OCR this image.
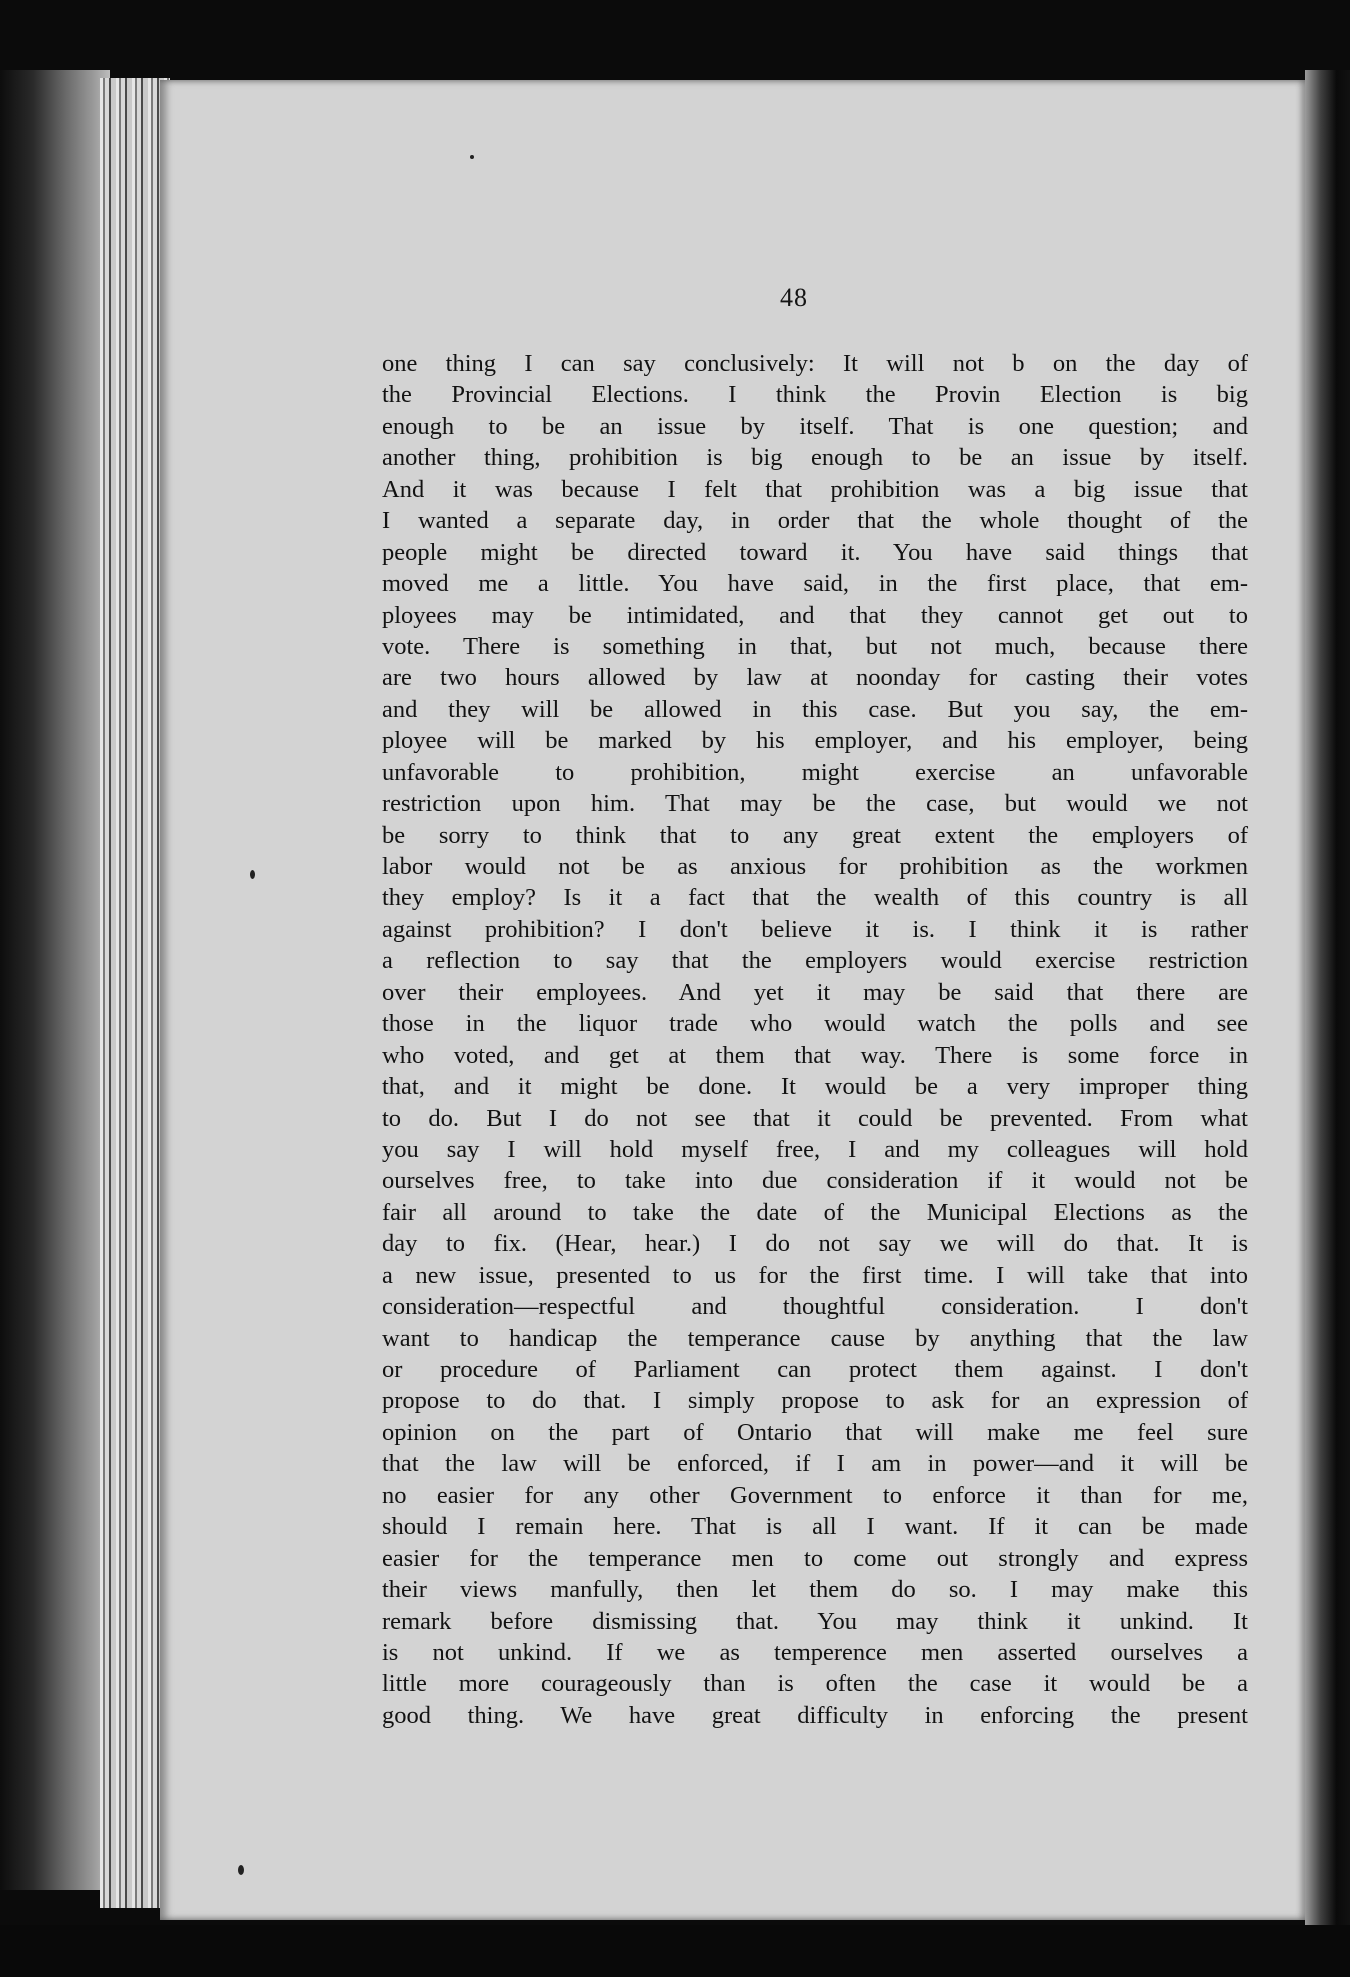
48
one thing I can say conclusively: It will not b on the day of
the Provincial Elections. I think the Provin Election is big
enough to be an issue by itself. That is one question; and
another thing, prohibition is big enough to be an issue by itself.
And it was because I felt that prohibition was a big issue that
I wanted a separate day, in order that the whole thought of the
people might be directed toward it. You have said things that
moved me a little. You have said, in the first place, that em-
ployees may be intimidated, and that they cannot get out to
vote. There is something in that, but not much, because there
are two hours allowed by law at noonday for casting their votes
and they will be allowed in this case. But you say, the em-
ployee will be marked by his employer, and his employer, being
unfavorable to prohibition, might exercise an unfavorable
restriction upon him. That may be the case, but would we not
be sorry to think that to any great extent the employers of
labor would not be as anxious for prohibition as the workmen
they employ? Is it a fact that the wealth of this country is all
against prohibition? I don't believe it is. I think it is rather
a reflection to say that the employers would exercise restriction
over their employees. And yet it may be said that there are
those in the liquor trade who would watch the polls and see
who voted, and get at them that way. There is some force in
that, and it might be done. It would be a very improper thing
to do. But I do not see that it could be prevented. From what
you say I will hold myself free, I and my colleagues will hold
ourselves free, to take into due consideration if it would not be
fair all around to take the date of the Municipal Elections as the
day to fix. (Hear, hear.) I do not say we will do that. It is
a new issue, presented to us for the first time. I will take that into
consideration—respectful and thoughtful consideration. I don't
want to handicap the temperance cause by anything that the law
or procedure of Parliament can protect them against. I don't
propose to do that. I simply propose to ask for an expression of
opinion on the part of Ontario that will make me feel sure
that the law will be enforced, if I am in power—and it will be
no easier for any other Government to enforce it than for me,
should I remain here. That is all I want. If it can be made
easier for the temperance men to come out strongly and express
their views manfully, then let them do so. I may make this
remark before dismissing that. You may think it unkind. It
is not unkind. If we as temperence men asserted ourselves a
little more courageously than is often the case it would be a
good thing. We have great difficulty in enforcing the present
